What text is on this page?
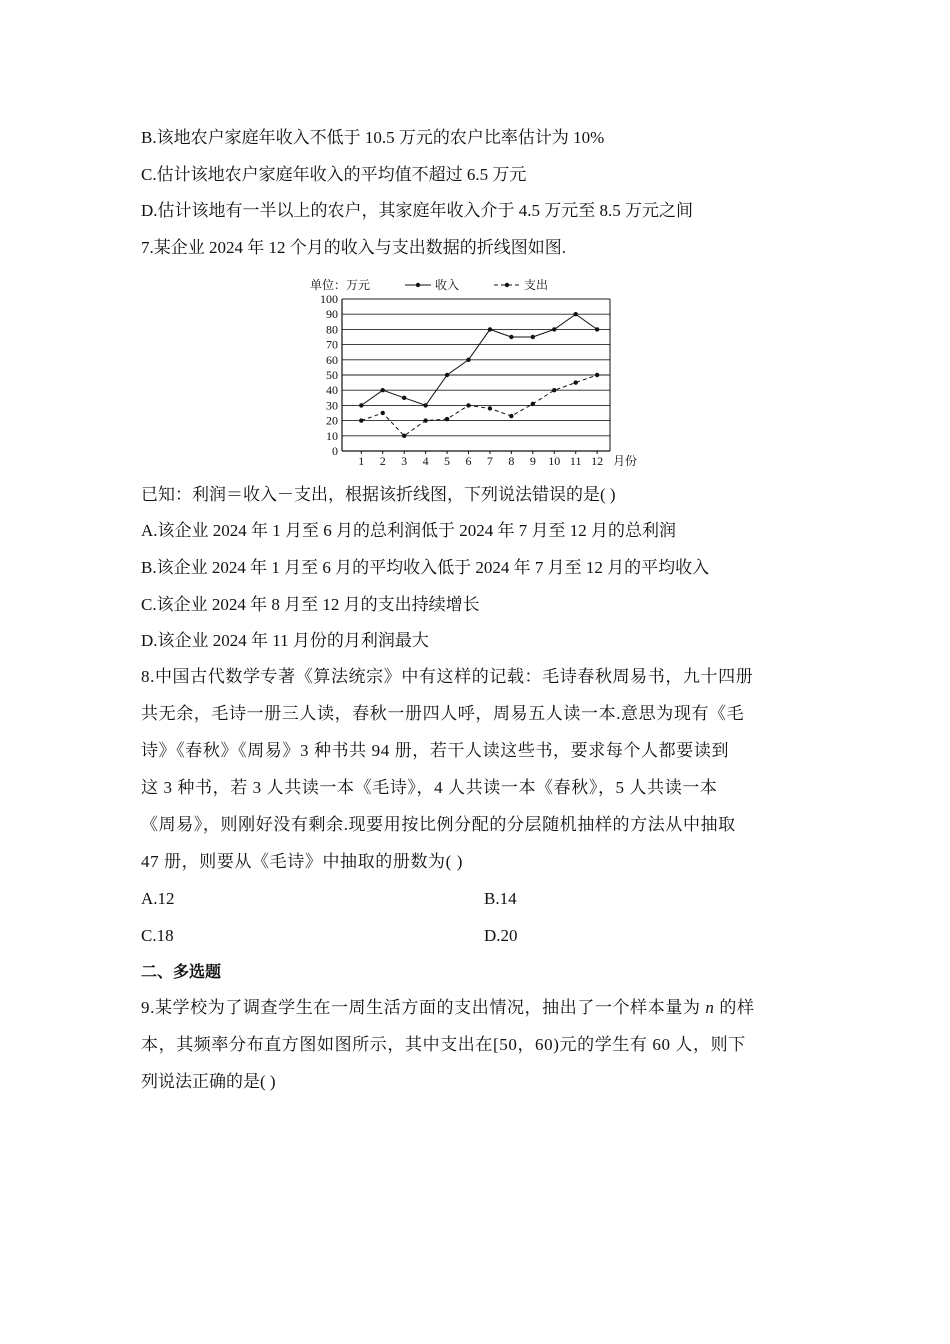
B.该地农户家庭年收入不低于 10.5 万元的农户比率估计为 10%
C.估计该地农户家庭年收入的平均值不超过 6.5 万元
D.估计该地有一半以上的农户，其家庭年收入介于 4.5 万元至 8.5 万元之间
7.某企业 2024 年 12 个月的收入与支出数据的折线图如图.
0
10
20
30
40
50
60
70
80
90
100
1 2 3 4 5 6 7 8 9 10 11 12
单位：万元	收入	支出
月份
已知：利润＝收入－支出，根据该折线图，下列说法错误的是( )
A.该企业 2024 年 1 月至 6 月的总利润低于 2024 年 7 月至 12 月的总利润
B.该企业 2024 年 1 月至 6 月的平均收入低于 2024 年 7 月至 12 月的平均收入
C.该企业 2024 年 8 月至 12 月的支出持续增长
D.该企业 2024 年 11 月份的月利润最大
8.中国古代数学专著《算法统宗》中有这样的记载：毛诗春秋周易书，九十四册
共无余，毛诗一册三人读，春秋一册四人呼，周易五人读一本.意思为现有《毛
诗》《春秋》《周易》3 种书共 94 册，若干人读这些书，要求每个人都要读到
这 3 种书，若 3 人共读一本《毛诗》，4 人共读一本《春秋》，5 人共读一本
《周易》，则刚好没有剩余.现要用按比例分配的分层随机抽样的方法从中抽取
47 册，则要从《毛诗》中抽取的册数为( )
A.12	B.14
C.18	D.20
二、多选题
9.某学校为了调查学生在一周生活方面的支出情况，抽出了一个样本量为 n 的样
本，其频率分布直方图如图所示，其中支出在[50，60)元的学生有 60 人，则下
列说法正确的是( )
